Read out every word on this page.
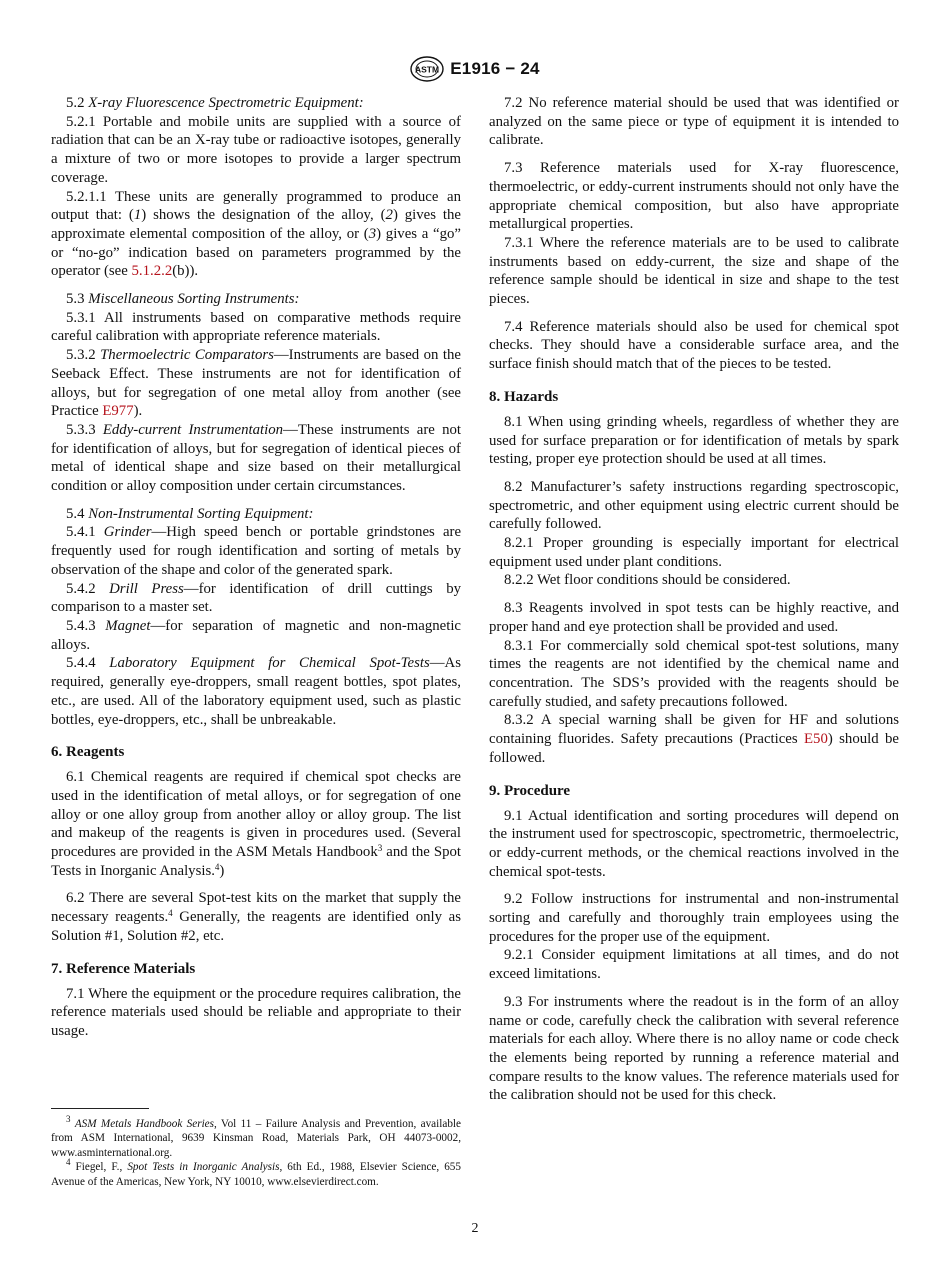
ASTM E1916 − 24

5.2 X-ray Fluorescence Spectrometric Equipment:

5.2.1 Portable and mobile units are supplied with a source of radiation that can be an X-ray tube or radioactive isotopes, generally a mixture of two or more isotopes to provide a larger spectrum coverage.

5.2.1.1 These units are generally programmed to produce an output that: (1) shows the designation of the alloy, (2) gives the approximate elemental composition of the alloy, or (3) gives a “go” or “no-go” indication based on parameters programmed by the operator (see 5.1.2.2(b)).

5.3 Miscellaneous Sorting Instruments:

5.3.1 All instruments based on comparative methods require careful calibration with appropriate reference materials.

5.3.2 Thermoelectric Comparators—Instruments are based on the Seeback Effect. These instruments are not for identification of alloys, but for segregation of one metal alloy from another (see Practice E977).

5.3.3 Eddy-current Instrumentation—These instruments are not for identification of alloys, but for segregation of identical pieces of metal of identical shape and size based on their metallurgical condition or alloy composition under certain circumstances.

5.4 Non-Instrumental Sorting Equipment:

5.4.1 Grinder—High speed bench or portable grindstones are frequently used for rough identification and sorting of metals by observation of the shape and color of the generated spark.

5.4.2 Drill Press—for identification of drill cuttings by comparison to a master set.

5.4.3 Magnet—for separation of magnetic and non-magnetic alloys.

5.4.4 Laboratory Equipment for Chemical Spot-Tests—As required, generally eye-droppers, small reagent bottles, spot plates, etc., are used. All of the laboratory equipment used, such as plastic bottles, eye-droppers, etc., shall be unbreakable.

6. Reagents

6.1 Chemical reagents are required if chemical spot checks are used in the identification of metal alloys, or for segregation of one alloy or one alloy group from another alloy or alloy group. The list and makeup of the reagents is given in procedures used. (Several procedures are provided in the ASM Metals Handbook$^3$ and the Spot Tests in Inorganic Analysis.$^4$)

6.2 There are several Spot-test kits on the market that supply the necessary reagents.$^4$ Generally, the reagents are identified only as Solution #1, Solution #2, etc.

7. Reference Materials

7.1 Where the equipment or the procedure requires calibration, the reference materials used should be reliable and appropriate to their usage.

$^3$ ASM Metals Handbook Series, Vol 11 – Failure Analysis and Prevention, available from ASM International, 9639 Kinsman Road, Materials Park, OH 44073-0002, www.asminternational.org.

$^4$ Fiegel, F., Spot Tests in Inorganic Analysis, 6th Ed., 1988, Elsevier Science, 655 Avenue of the Americas, New York, NY 10010, www.elsevierdirect.com.

7.2 No reference material should be used that was identified or analyzed on the same piece or type of equipment it is intended to calibrate.

7.3 Reference materials used for X-ray fluorescence, thermoelectric, or eddy-current instruments should not only have the appropriate chemical composition, but also have appropriate metallurgical properties.

7.3.1 Where the reference materials are to be used to calibrate instruments based on eddy-current, the size and shape of the reference sample should be identical in size and shape to the test pieces.

7.4 Reference materials should also be used for chemical spot checks. They should have a considerable surface area, and the surface finish should match that of the pieces to be tested.

8. Hazards

8.1 When using grinding wheels, regardless of whether they are used for surface preparation or for identification of metals by spark testing, proper eye protection should be used at all times.

8.2 Manufacturer’s safety instructions regarding spectroscopic, spectrometric, and other equipment using electric current should be carefully followed.

8.2.1 Proper grounding is especially important for electrical equipment used under plant conditions.

8.2.2 Wet floor conditions should be considered.

8.3 Reagents involved in spot tests can be highly reactive, and proper hand and eye protection shall be provided and used.

8.3.1 For commercially sold chemical spot-test solutions, many times the reagents are not identified by the chemical name and concentration. The SDS’s provided with the reagents should be carefully studied, and safety precautions followed.

8.3.2 A special warning shall be given for HF and solutions containing fluorides. Safety precautions (Practices E50) should be followed.

9. Procedure

9.1 Actual identification and sorting procedures will depend on the instrument used for spectroscopic, spectrometric, thermoelectric, or eddy-current methods, or the chemical reactions involved in the chemical spot-tests.

9.2 Follow instructions for instrumental and non-instrumental sorting and carefully and thoroughly train employees using the procedures for the proper use of the equipment.

9.2.1 Consider equipment limitations at all times, and do not exceed limitations.

9.3 For instruments where the readout is in the form of an alloy name or code, carefully check the calibration with several reference materials for each alloy. Where there is no alloy name or code check the elements being reported by running a reference material and compare results to the know values. The reference materials used for the calibration should not be used for this check.

2
